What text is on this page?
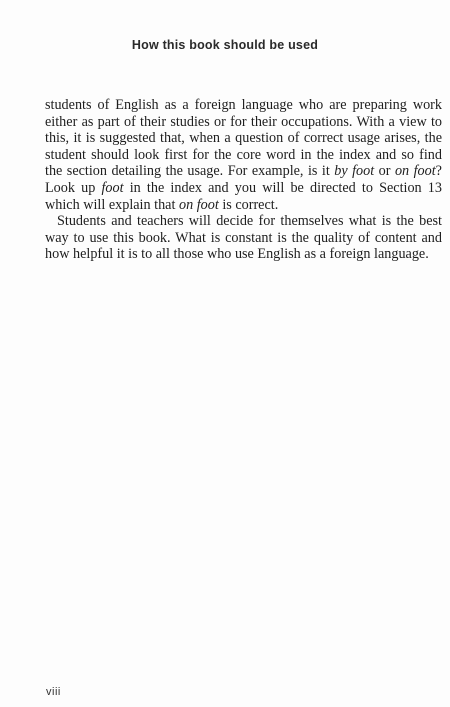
How this book should be used

students of English as a foreign language who are preparing work either as part of their studies or for their occupations. With a view to this, it is suggested that, when a question of correct usage arises, the student should look first for the core word in the index and so find the section detailing the usage. For example, is it by foot or on foot? Look up foot in the index and you will be directed to Section 13 which will explain that on foot is correct.

Students and teachers will decide for themselves what is the best way to use this book. What is constant is the quality of content and how helpful it is to all those who use English as a foreign language.

viii
